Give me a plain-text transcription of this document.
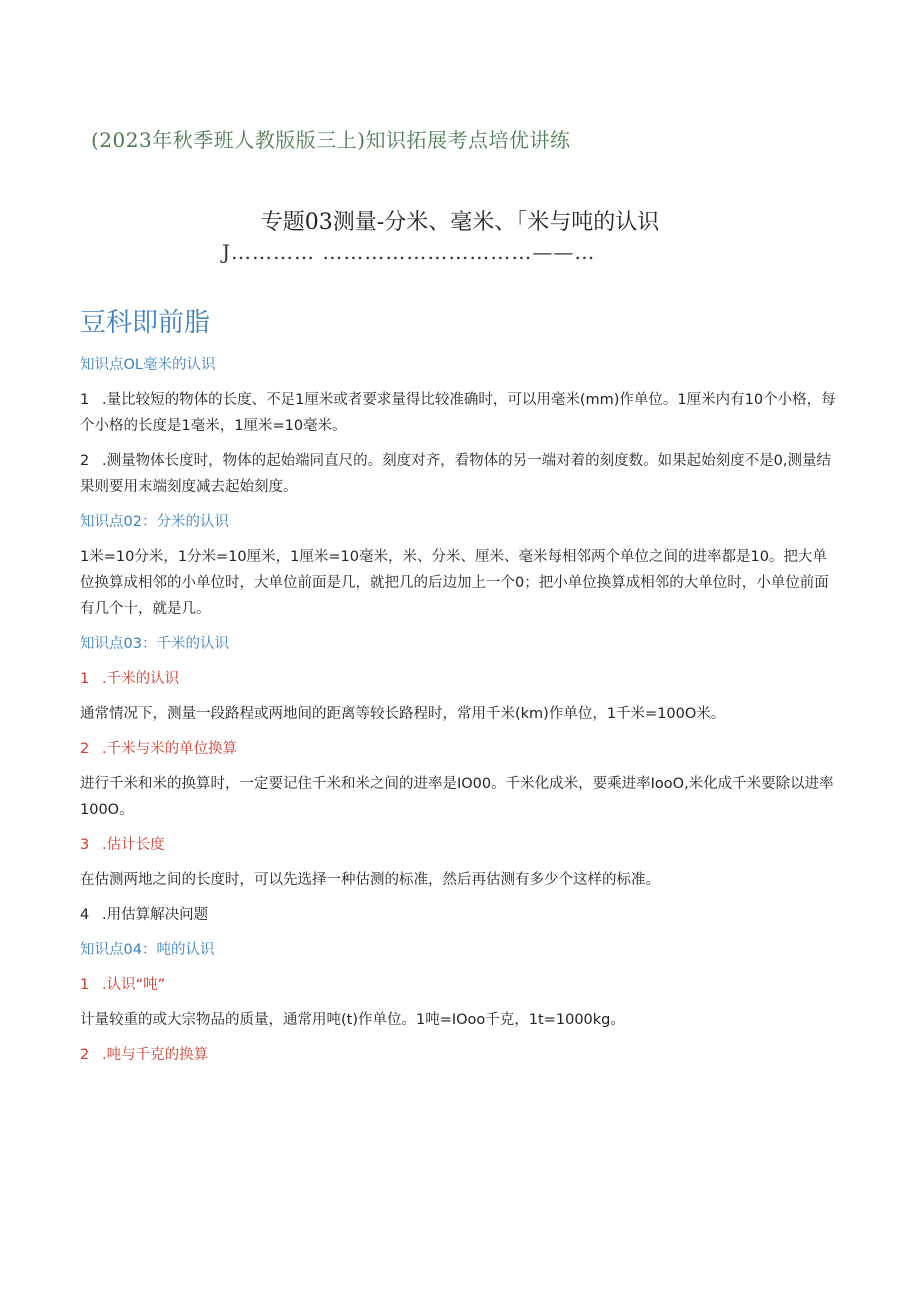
(2023年秋季班人教版版三上)知识拓展考点培优讲练
专题03测量-分米、毫米、「米与吨的认识
J………… …………………………——…
豆科即前脂
知识点OL毫米的认识
1 .量比较短的物体的长度、不足1厘米或者要求量得比较准确时，可以用毫米(mm)作单位。1厘米内有10个小格，每个小格的长度是1毫米，1厘米=10毫米。
2 .测量物体长度时，物体的起始端同直尺的。刻度对齐，看物体的另一端对着的刻度数。如果起始刻度不是0,测量结果则要用末端刻度减去起始刻度。
知识点02：分米的认识
1米=10分米，1分米=10厘米，1厘米=10毫米，米、分米、厘米、毫米每相邻两个单位之间的进率都是10。把大单位换算成相邻的小单位时，大单位前面是几，就把几的后边加上一个0；把小单位换算成相邻的大单位时，小单位前面有几个十，就是几。
知识点03：千米的认识
1 .千米的认识
通常情况下，测量一段路程或两地间的距离等较长路程时，常用千米(km)作单位，1千米=100O米。
2 .千米与米的单位换算
进行千米和米的换算时，一定要记住千米和米之间的进率是IO00。千米化成米，要乘进率IooO,米化成千米要除以进率100O。
3 .估计长度
在估测两地之间的长度时，可以先选择一种估测的标准，然后再估测有多少个这样的标准。
4 .用估算解决问题
知识点04：吨的认识
1 .认识“吨”
计量较重的或大宗物品的质量，通常用吨(t)作单位。1吨=IOoo千克，1t=1000kg。
2 .吨与千克的换算
